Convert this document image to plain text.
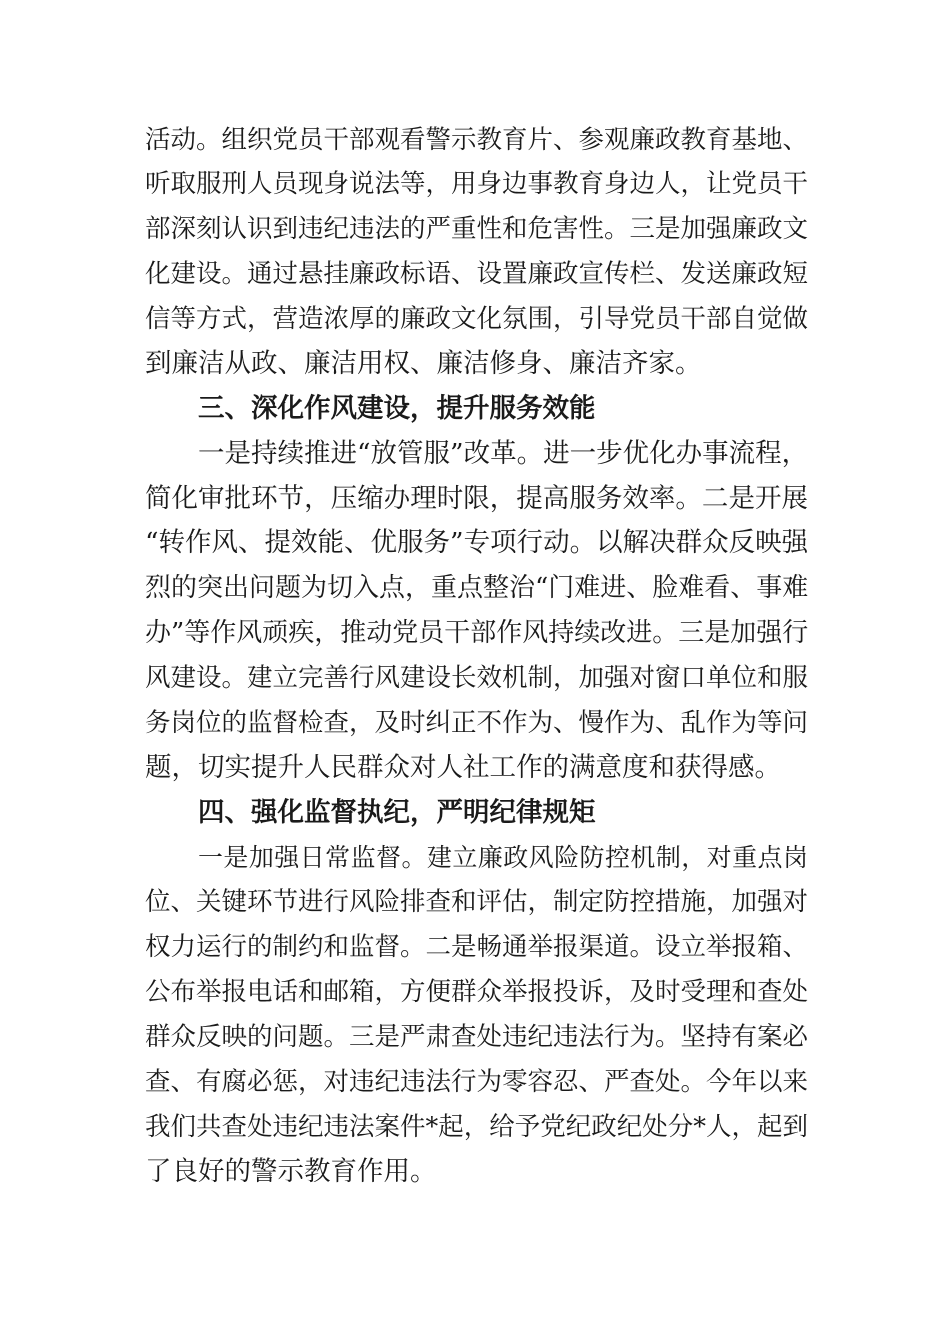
活动。组织党员干部观看警示教育片、参观廉政教育基地、
听取服刑人员现身说法等，用身边事教育身边人，让党员干
部深刻认识到违纪违法的严重性和危害性。三是加强廉政文
化建设。通过悬挂廉政标语、设置廉政宣传栏、发送廉政短
信等方式，营造浓厚的廉政文化氛围，引导党员干部自觉做
到廉洁从政、廉洁用权、廉洁修身、廉洁齐家。
三、深化作风建设，提升服务效能
一是持续推进“放管服”改革。进一步优化办事流程，
简化审批环节，压缩办理时限，提高服务效率。二是开展
“转作风、提效能、优服务”专项行动。以解决群众反映强
烈的突出问题为切入点，重点整治“门难进、脸难看、事难
办”等作风顽疾，推动党员干部作风持续改进。三是加强行
风建设。建立完善行风建设长效机制，加强对窗口单位和服
务岗位的监督检查，及时纠正不作为、慢作为、乱作为等问
题，切实提升人民群众对人社工作的满意度和获得感。
四、强化监督执纪，严明纪律规矩
一是加强日常监督。建立廉政风险防控机制，对重点岗
位、关键环节进行风险排查和评估，制定防控措施，加强对
权力运行的制约和监督。二是畅通举报渠道。设立举报箱、
公布举报电话和邮箱，方便群众举报投诉，及时受理和查处
群众反映的问题。三是严肃查处违纪违法行为。坚持有案必
查、有腐必惩，对违纪违法行为零容忍、严查处。今年以来
我们共查处违纪违法案件*起，给予党纪政纪处分*人，起到
了良好的警示教育作用。
